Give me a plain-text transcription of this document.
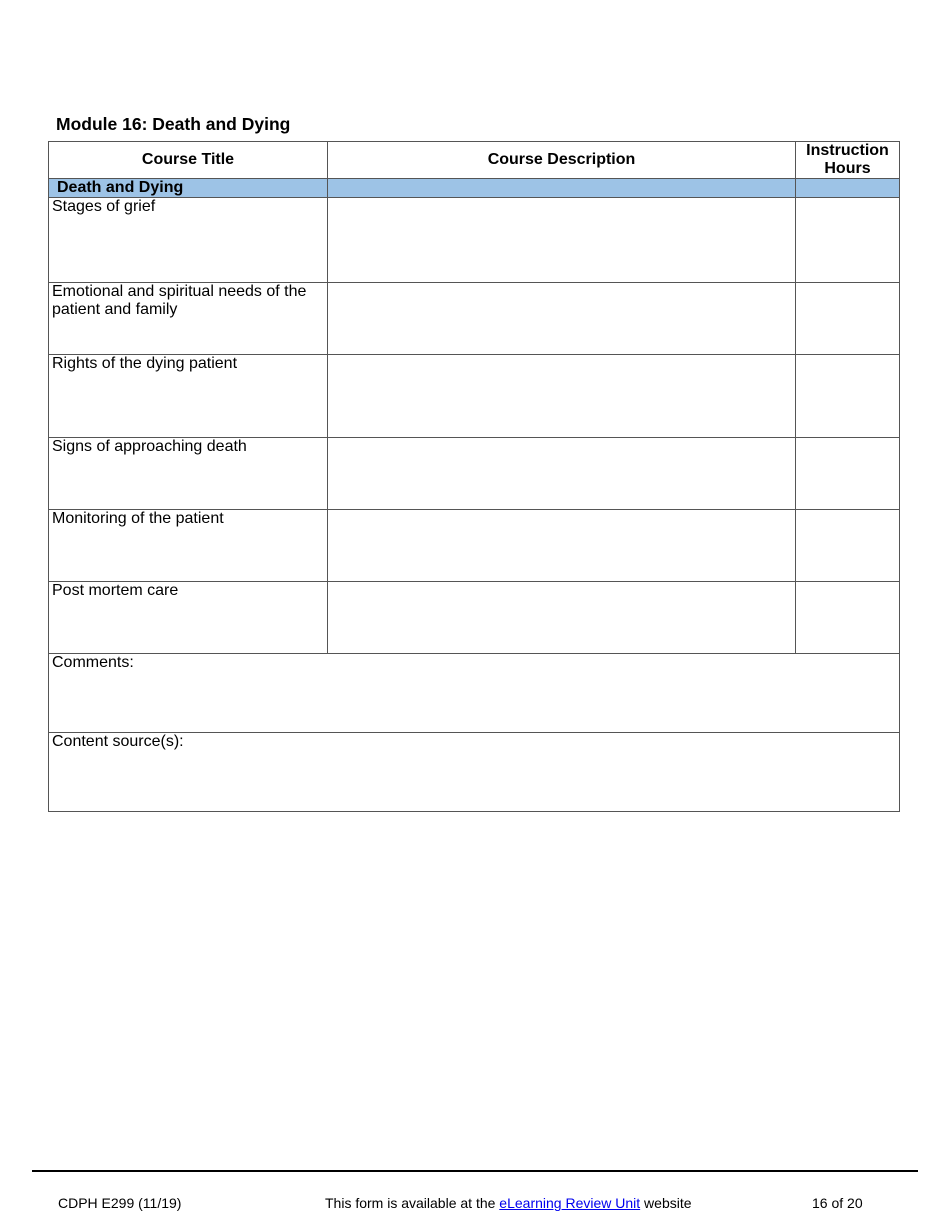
Module 16: Death and Dying
Course Title	Course Description	Instruction Hours
Death and Dying		
Stages of grief		
Emotional and spiritual needs of the patient and family		
Rights of the dying patient		
Signs of approaching death		
Monitoring of the patient		
Post mortem care		
Comments:		
Content source(s):		
CDPH E299 (11/19)	This form is available at the eLearning Review Unit website	16 of 20
